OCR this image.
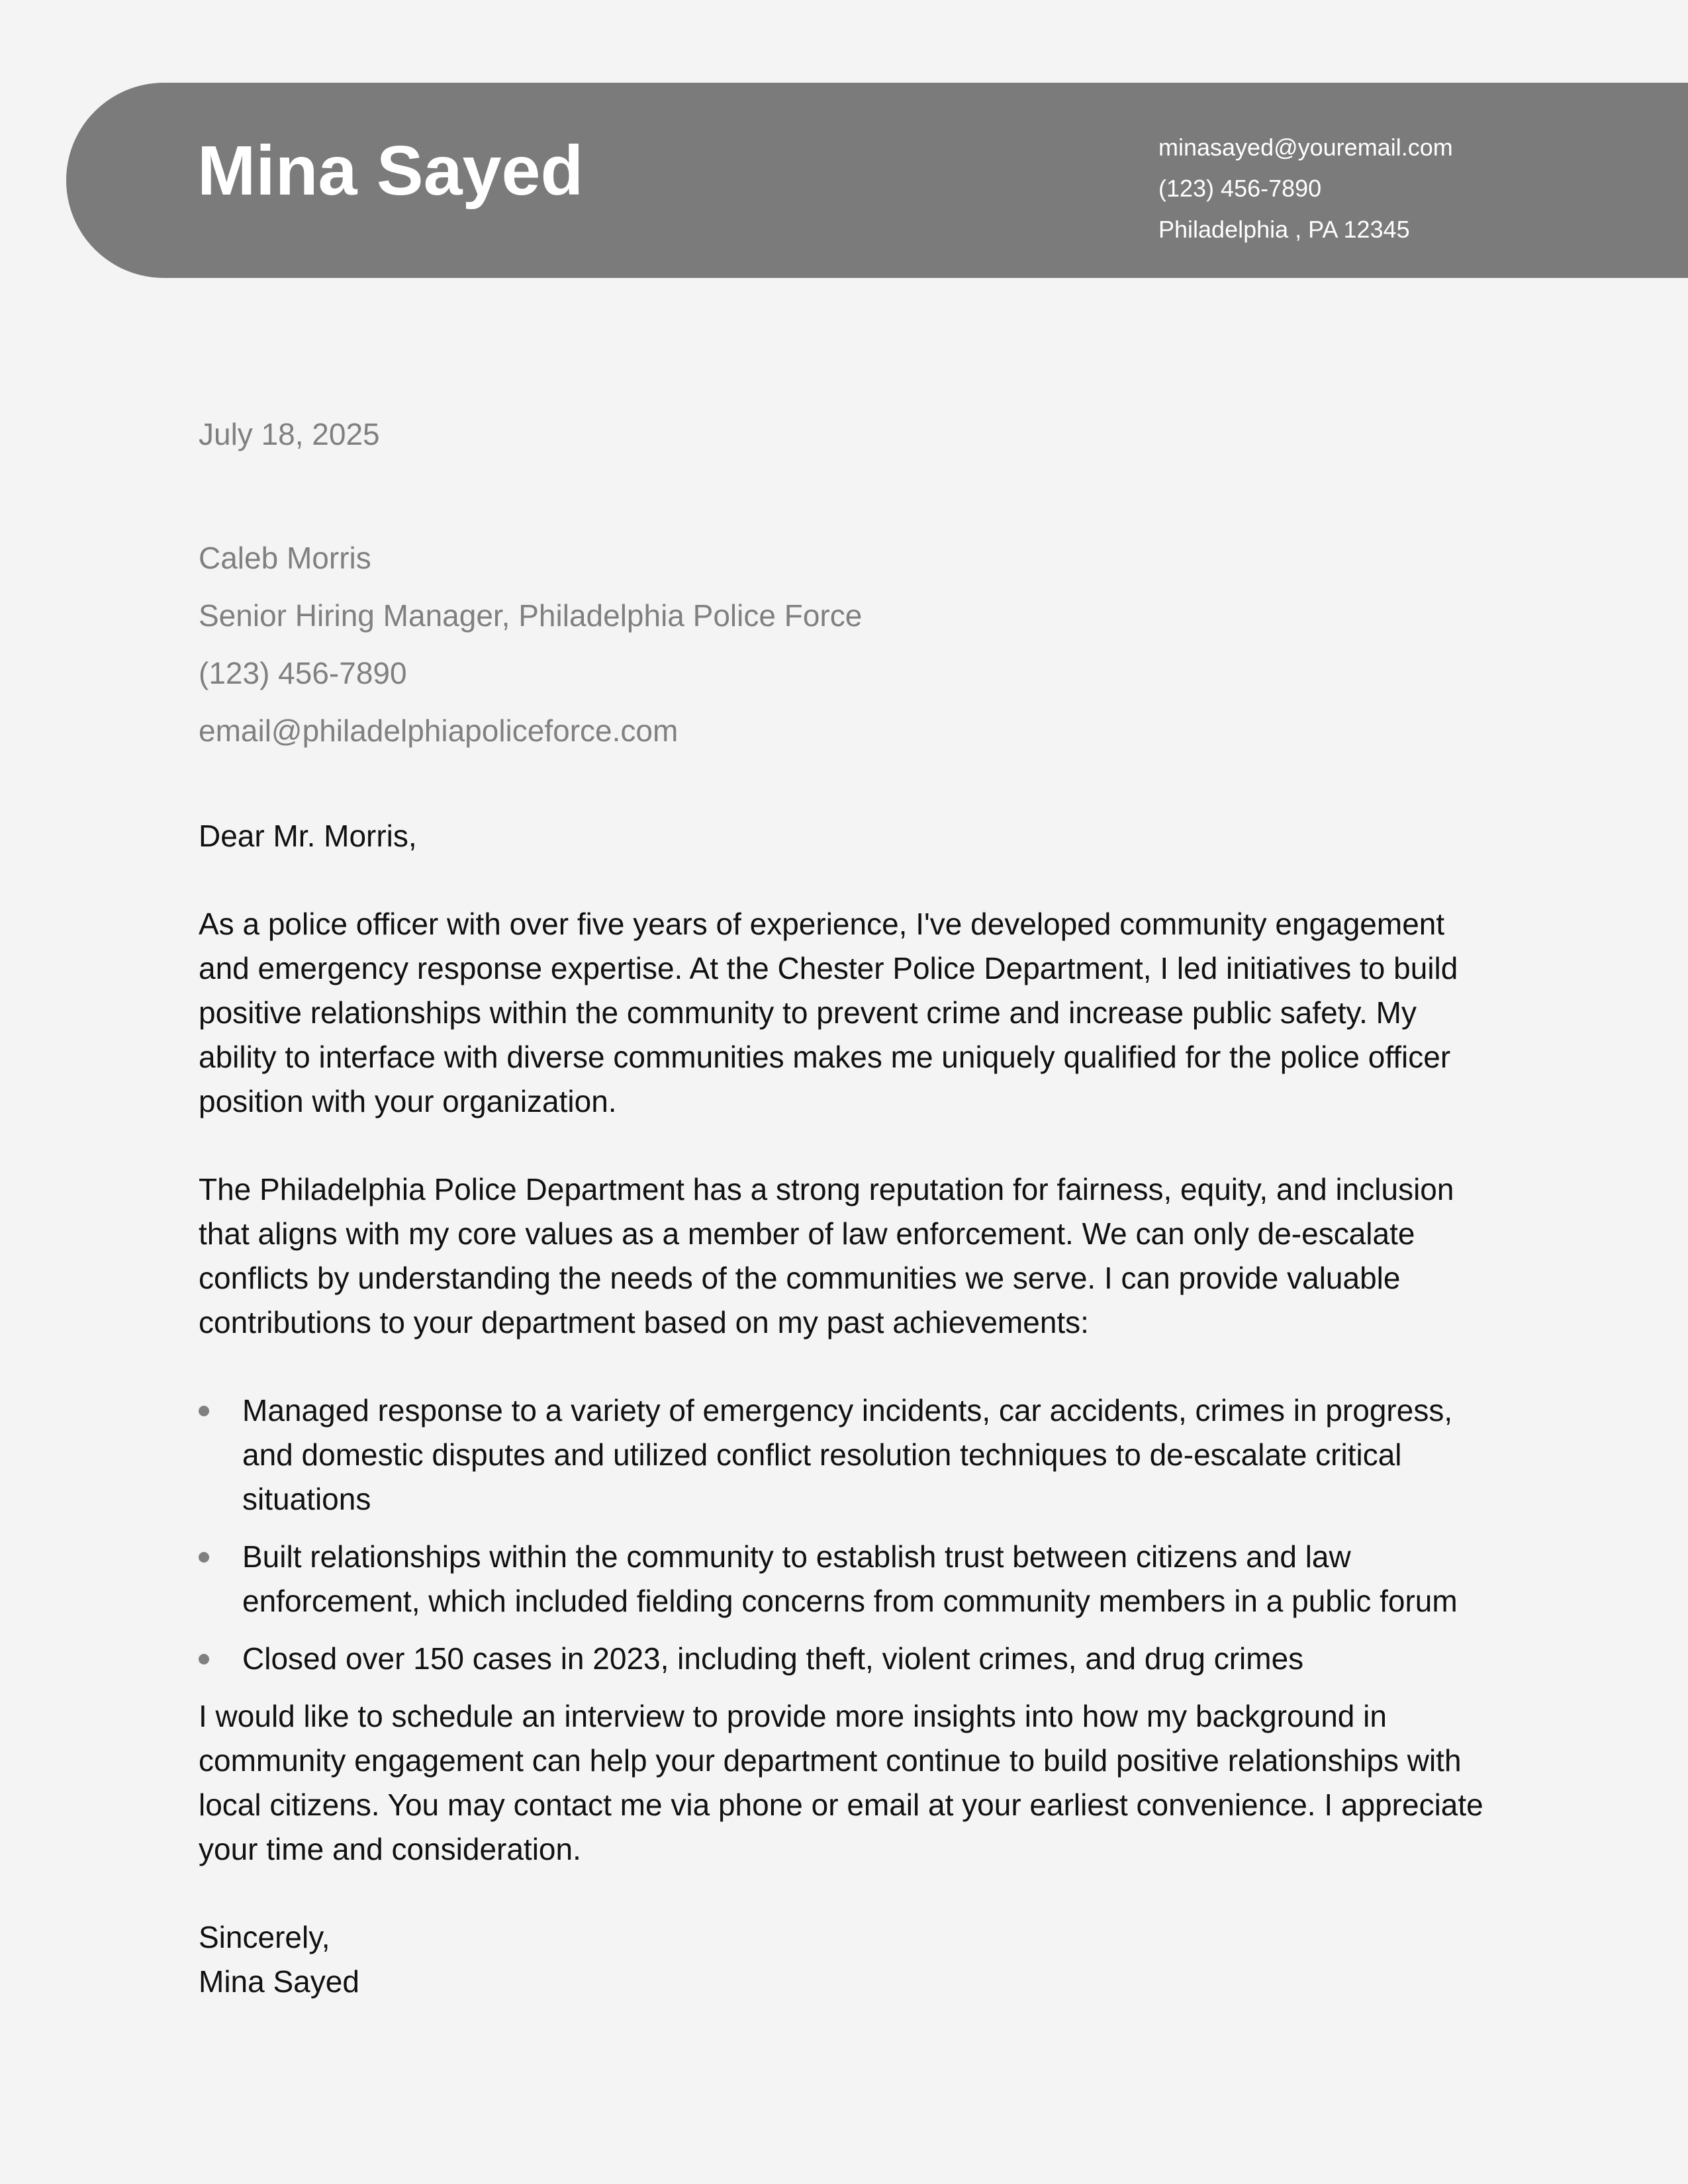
Mina Sayed	minasayed@youremail.com
(123) 456-7890
Philadelphia , PA 12345
July 18, 2025
Caleb Morris
Senior Hiring Manager, Philadelphia Police Force
(123) 456-7890
email@philadelphiapoliceforce.com

Dear Mr. Morris,

As a police officer with over five years of experience, I've developed community engagement and emergency response expertise. At the Chester Police Department, I led initiatives to build positive relationships within the community to prevent crime and increase public safety. My ability to interface with diverse communities makes me uniquely qualified for the police officer position with your organization.

The Philadelphia Police Department has a strong reputation for fairness, equity, and inclusion that aligns with my core values as a member of law enforcement. We can only de-escalate conflicts by understanding the needs of the communities we serve. I can provide valuable contributions to your department based on my past achievements:

Managed response to a variety of emergency incidents, car accidents, crimes in progress, and domestic disputes and utilized conflict resolution techniques to de-escalate critical situations
Built relationships within the community to establish trust between citizens and law enforcement, which included fielding concerns from community members in a public forum
Closed over 150 cases in 2023, including theft, violent crimes, and drug crimes

I would like to schedule an interview to provide more insights into how my background in community engagement can help your department continue to build positive relationships with local citizens. You may contact me via phone or email at your earliest convenience. I appreciate your time and consideration.

Sincerely,
Mina Sayed
